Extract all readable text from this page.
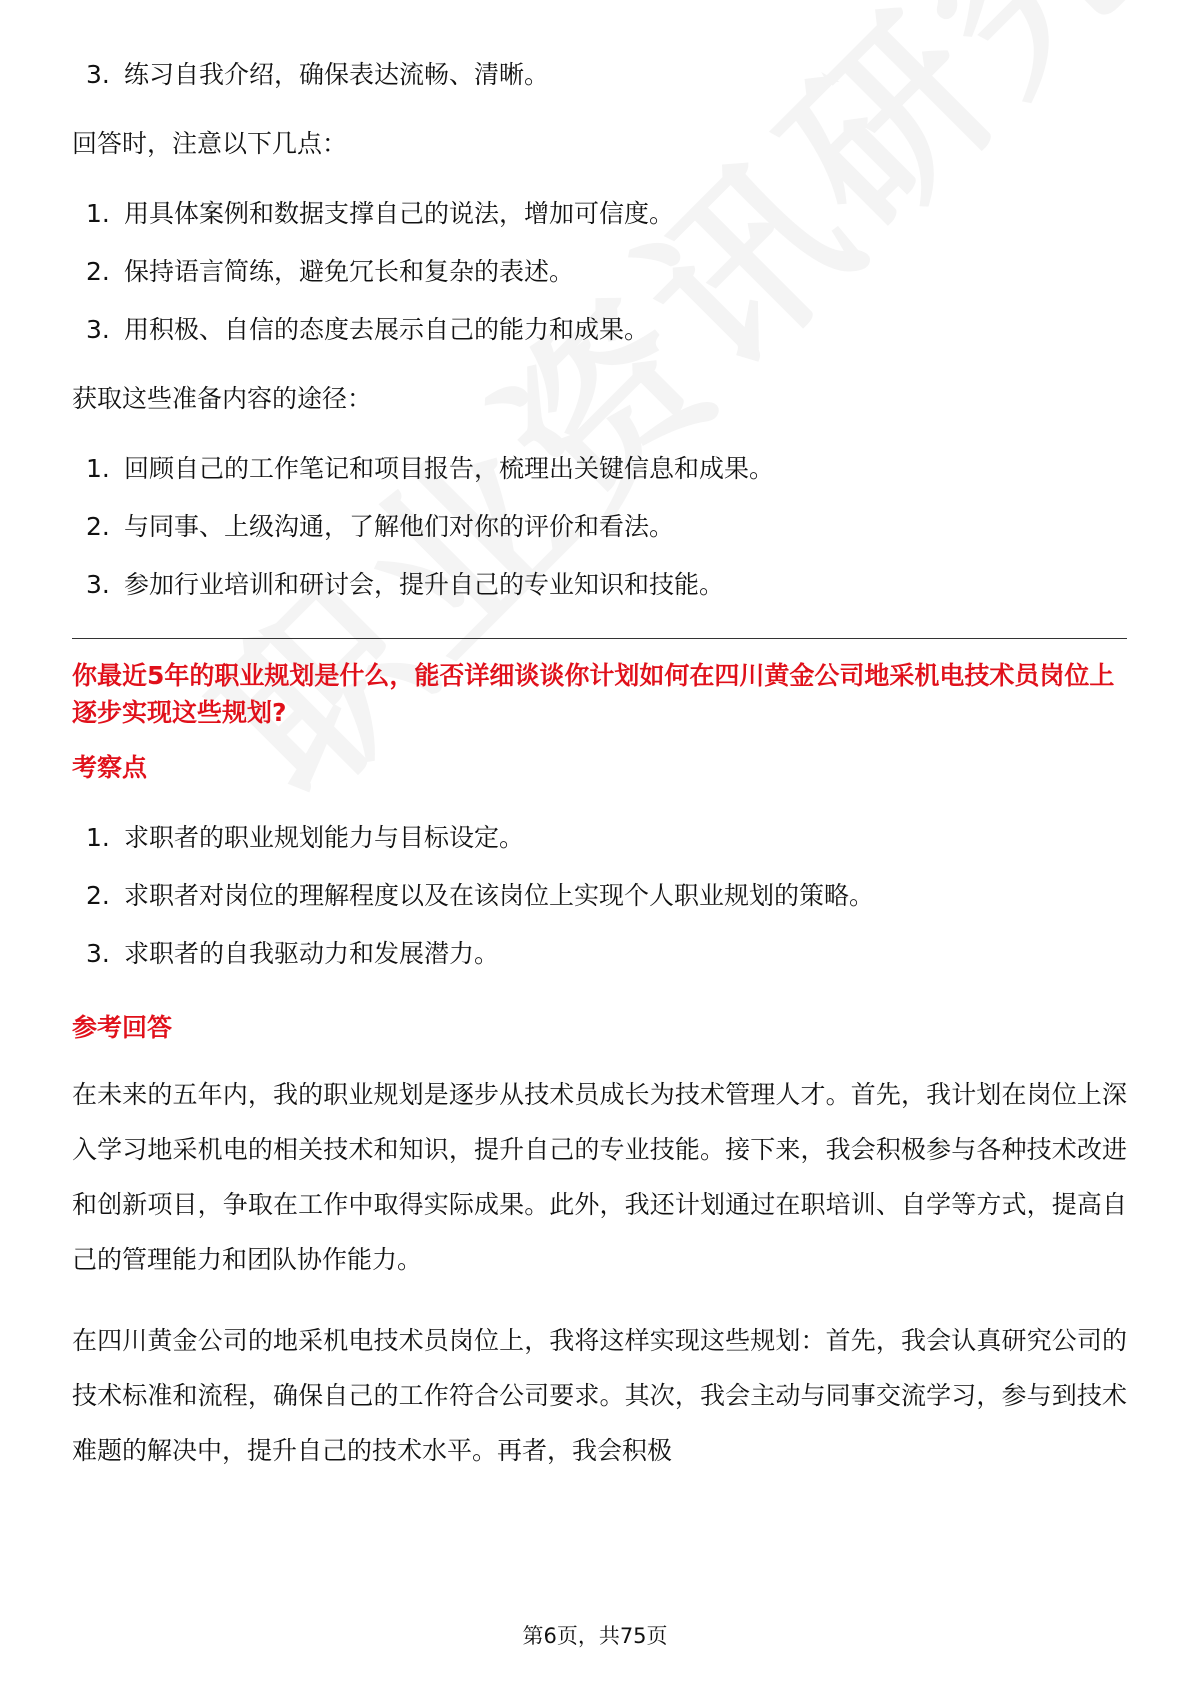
3. 练习自我介绍，确保表达流畅、清晰。

回答时，注意以下几点：

1. 用具体案例和数据支撑自己的说法，增加可信度。
2. 保持语言简练，避免冗长和复杂的表述。
3. 用积极、自信的态度去展示自己的能力和成果。

获取这些准备内容的途径：

1. 回顾自己的工作笔记和项目报告，梳理出关键信息和成果。
2. 与同事、上级沟通，了解他们对你的评价和看法。
3. 参加行业培训和研讨会，提升自己的专业知识和技能。

你最近5年的职业规划是什么，能否详细谈谈你计划如何在四川黄金公司地采机电技术员岗位上逐步实现这些规划?

考察点

1. 求职者的职业规划能力与目标设定。
2. 求职者对岗位的理解程度以及在该岗位上实现个人职业规划的策略。
3. 求职者的自我驱动力和发展潜力。

参考回答

在未来的五年内，我的职业规划是逐步从技术员成长为技术管理人才。首先，我计划在岗位上深入学习地采机电的相关技术和知识，提升自己的专业技能。接下来，我会积极参与各种技术改进和创新项目，争取在工作中取得实际成果。此外，我还计划通过在职培训、自学等方式，提高自己的管理能力和团队协作能力。

在四川黄金公司的地采机电技术员岗位上，我将这样实现这些规划：首先，我会认真研究公司的技术标准和流程，确保自己的工作符合公司要求。其次，我会主动与同事交流学习，参与到技术难题的解决中，提升自己的技术水平。再者，我会积极

第6页，共75页
